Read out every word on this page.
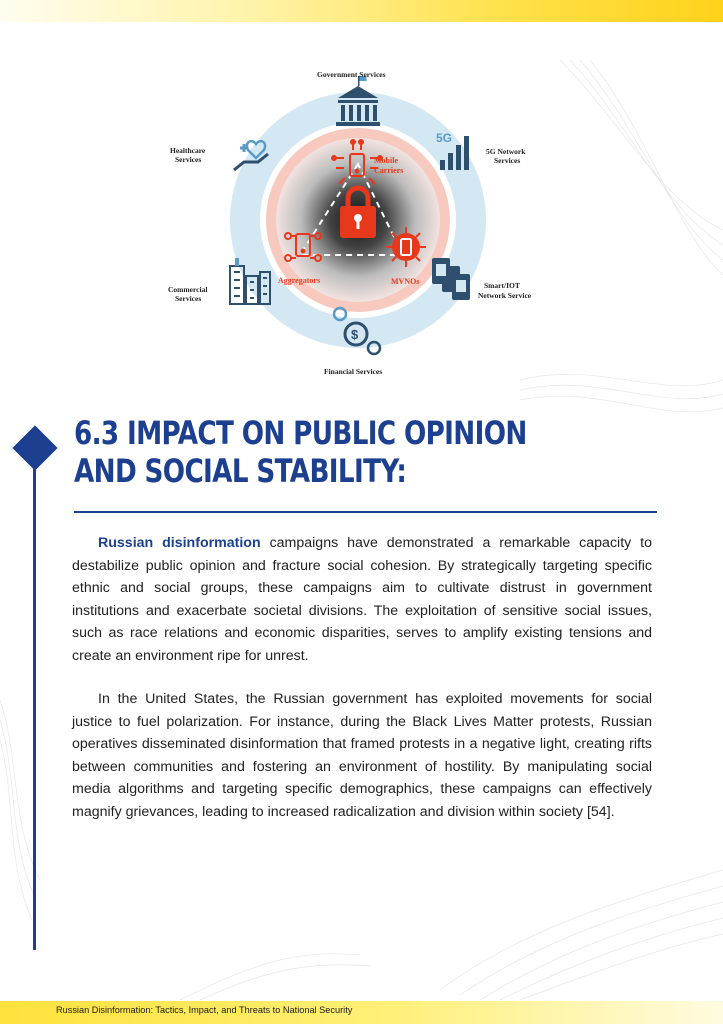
Mobile
Carriers
Aggregators	MVNOs
Government Services
5G
5G Network
Services
Healthcare
Services
Commercial
Services
Smart/IOT
Network Service
$
Financial Services
6.3 IMPACT ON PUBLIC OPINION
AND SOCIAL STABILITY:

Russian disinformation campaigns have demonstrated a remarkable capacity to destabilize public opinion and fracture social cohesion. By strategically targeting specific ethnic and social groups, these campaigns aim to cultivate distrust in government institutions and exacerbate societal divisions. The exploitation of sensitive social issues, such as race relations and economic disparities, serves to amplify existing tensions and create an environment ripe for unrest.

In the United States, the Russian government has exploited movements for social justice to fuel polarization. For instance, during the Black Lives Matter protests, Russian operatives disseminated disinformation that framed protests in a negative light, creating rifts between communities and fostering an environment of hostility. By manipulating social media algorithms and targeting specific demographics, these campaigns can effectively magnify grievances, leading to increased radicalization and division within society [54].

Russian Disinformation: Tactics, Impact, and Threats to National Security
